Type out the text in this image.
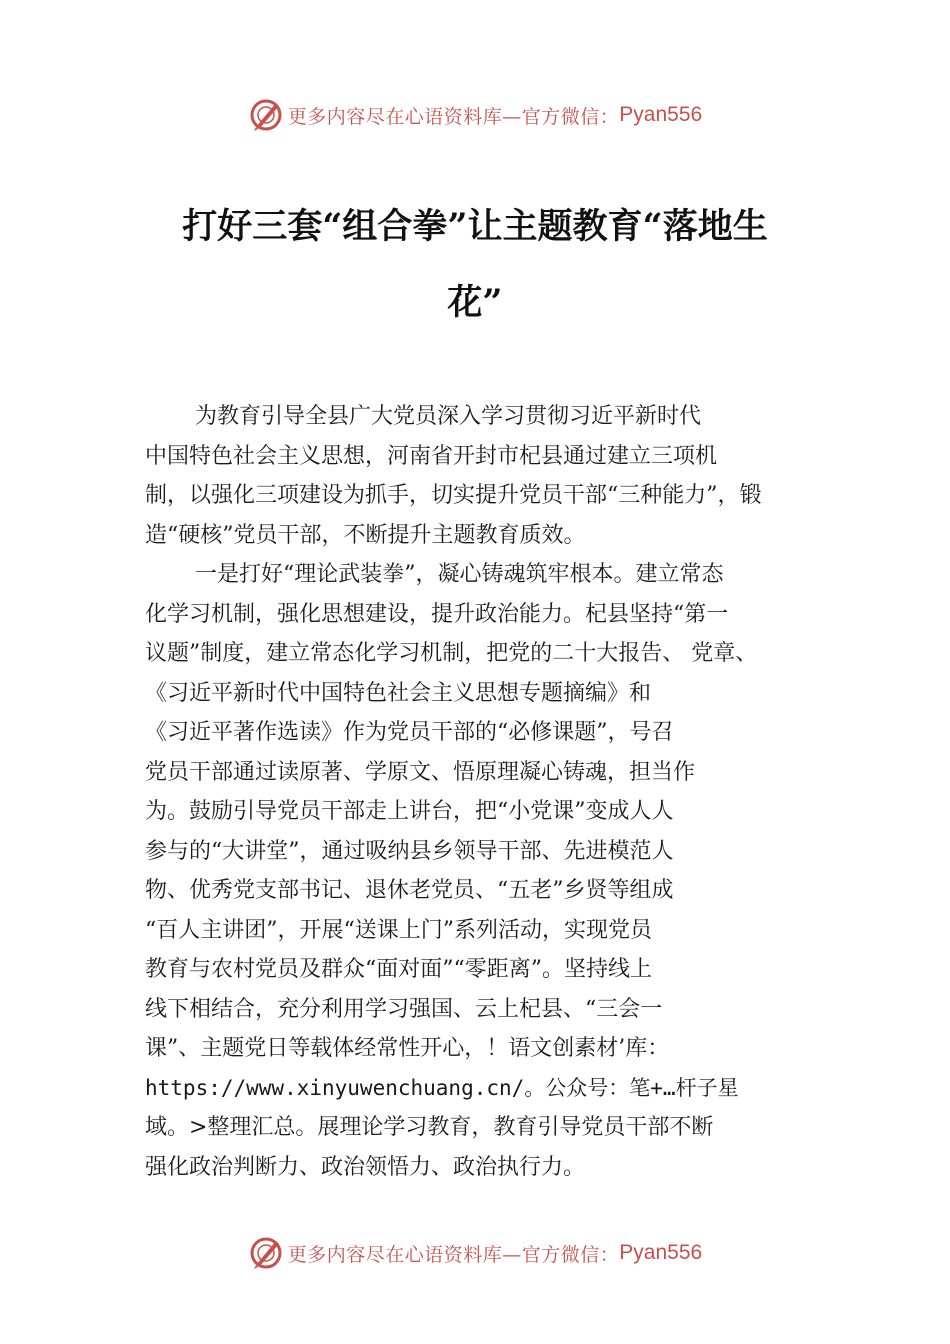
更多内容尽在心语资料库—官方微信： Pyan556
打好三套“组合拳”让主题教育“落地生
花”
为教育引导全县广大党员深入学习贯彻习近平新时代
中国特色社会主义思想，河南省开封市杞县通过建立三项机
制，以强化三项建设为抓手，切实提升党员干部“三种能力”，锻
造“硬核”党员干部，不断提升主题教育质效。
一是打好“理论武装拳”，凝心铸魂筑牢根本。建立常态
化学习机制，强化思想建设，提升政治能力。杞县坚持“第一
议题”制度，建立常态化学习机制，把党的二十大报告、 党章、
《习近平新时代中国特色社会主义思想专题摘编》和
《习近平著作选读》作为党员干部的“必修课题”，号召
党员干部通过读原著、学原文、悟原理凝心铸魂，担当作
为。鼓励引导党员干部走上讲台，把“小党课”变成人人
参与的“大讲堂”，通过吸纳县乡领导干部、先进模范人
物、优秀党支部书记、退休老党员、“五老”乡贤等组成
“百人主讲团”，开展“送课上门”系列活动，实现党员
教育与农村党员及群众“面对面”“零距离”。坚持线上
线下相结合，充分利用学习强国、云上杞县、“三会一
课”、主题党日等载体经常性开心，！语文创素材’库：
https://www.xinyuwenchuang.cn/。公众号：笔+…杆子星
域。>整理汇总。展理论学习教育，教育引导党员干部不断
强化政治判断力、政治领悟力、政治执行力。
更多内容尽在心语资料库—官方微信： Pyan556
